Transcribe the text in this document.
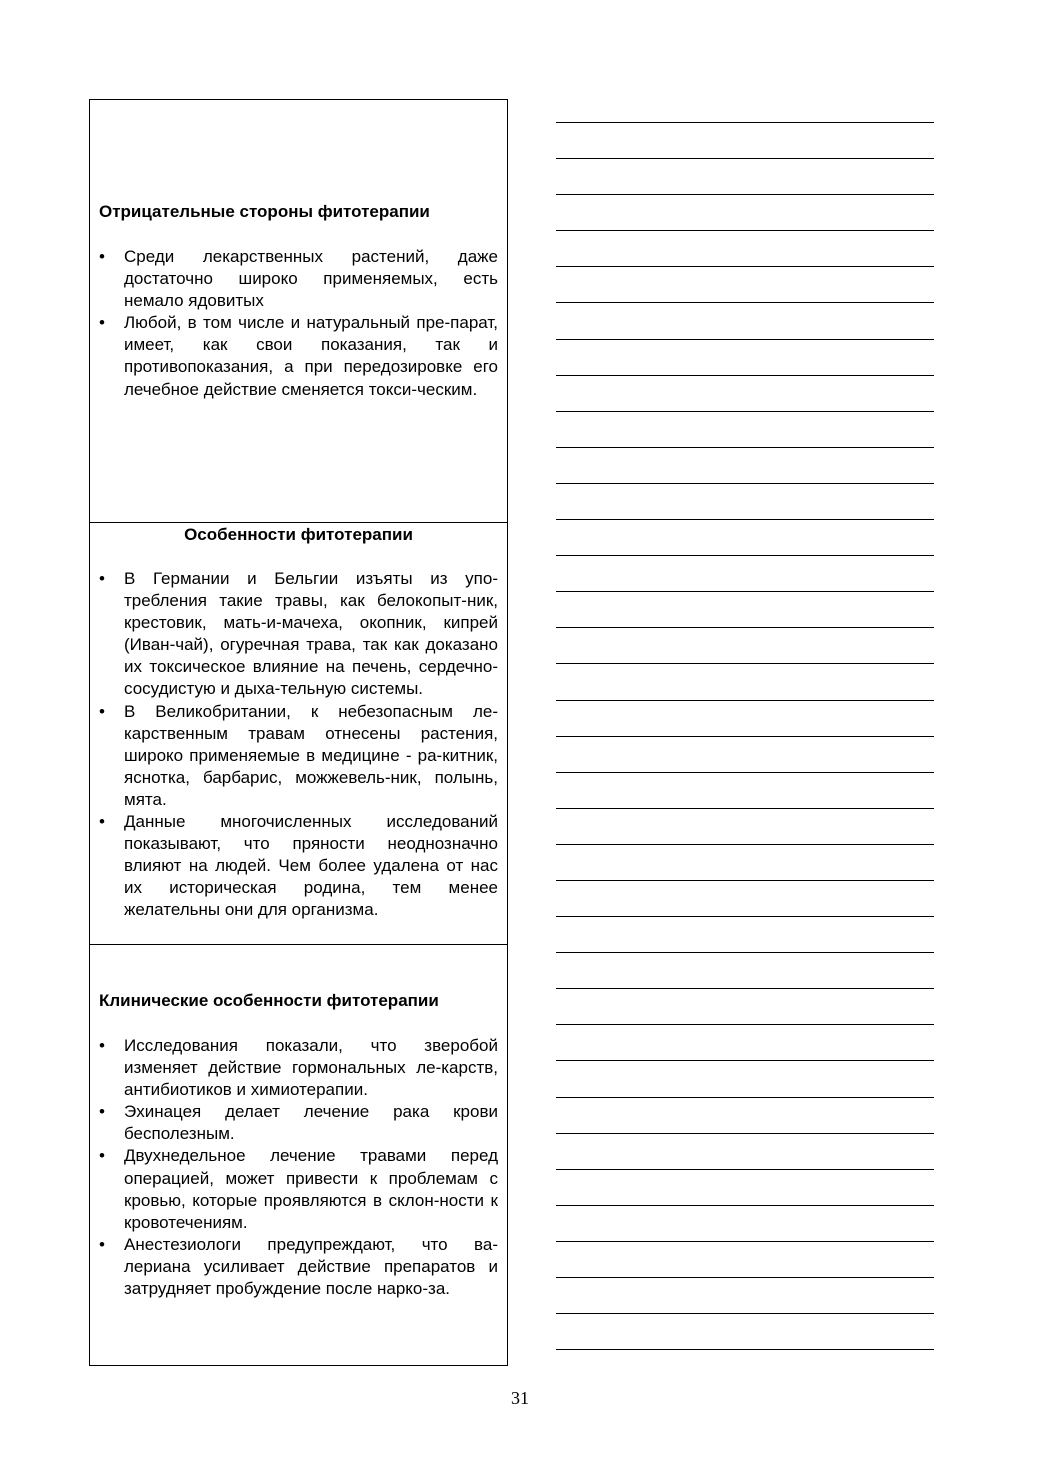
Отрицательные стороны фитотерапии
•	Среди лекарственных растений, даже достаточно широко применяемых, есть немало ядовитых
•	Любой, в том числе и натуральный пре-парат, имеет, как свои показания, так и противопоказания, а при передозировке его лечебное действие сменяется токси-ческим.
Особенности фитотерапии
•	В Германии и Бельгии изъяты из упо-требления такие травы, как белокопыт-ник, крестовик, мать-и-мачеха, окопник, кипрей (Иван-чай), огуречная трава, так как доказано их токсическое влияние на печень, сердечно-сосудистую и дыха-тельную системы.
•	В Великобритании, к небезопасным ле-карственным травам отнесены растения, широко применяемые в медицине - ра-китник, яснотка, барбарис, можжевель-ник, полынь, мята.
•	Данные многочисленных исследований показывают, что пряности неоднозначно влияют на людей. Чем более удалена от нас их историческая родина, тем менее желательны они для организма.
Клинические особенности фитотерапии
•	Исследования показали, что зверобой изменяет действие гормональных ле-карств, антибиотиков и химиотерапии.
•	Эхинацея делает лечение рака крови бесполезным.
•	Двухнедельное лечение травами перед операцией, может привести к проблемам с кровью, которые проявляются в склон-ности к кровотечениям.
•	Анестезиологи предупреждают, что ва-лериана усиливает действие препаратов и затрудняет пробуждение после нарко-за.
31
